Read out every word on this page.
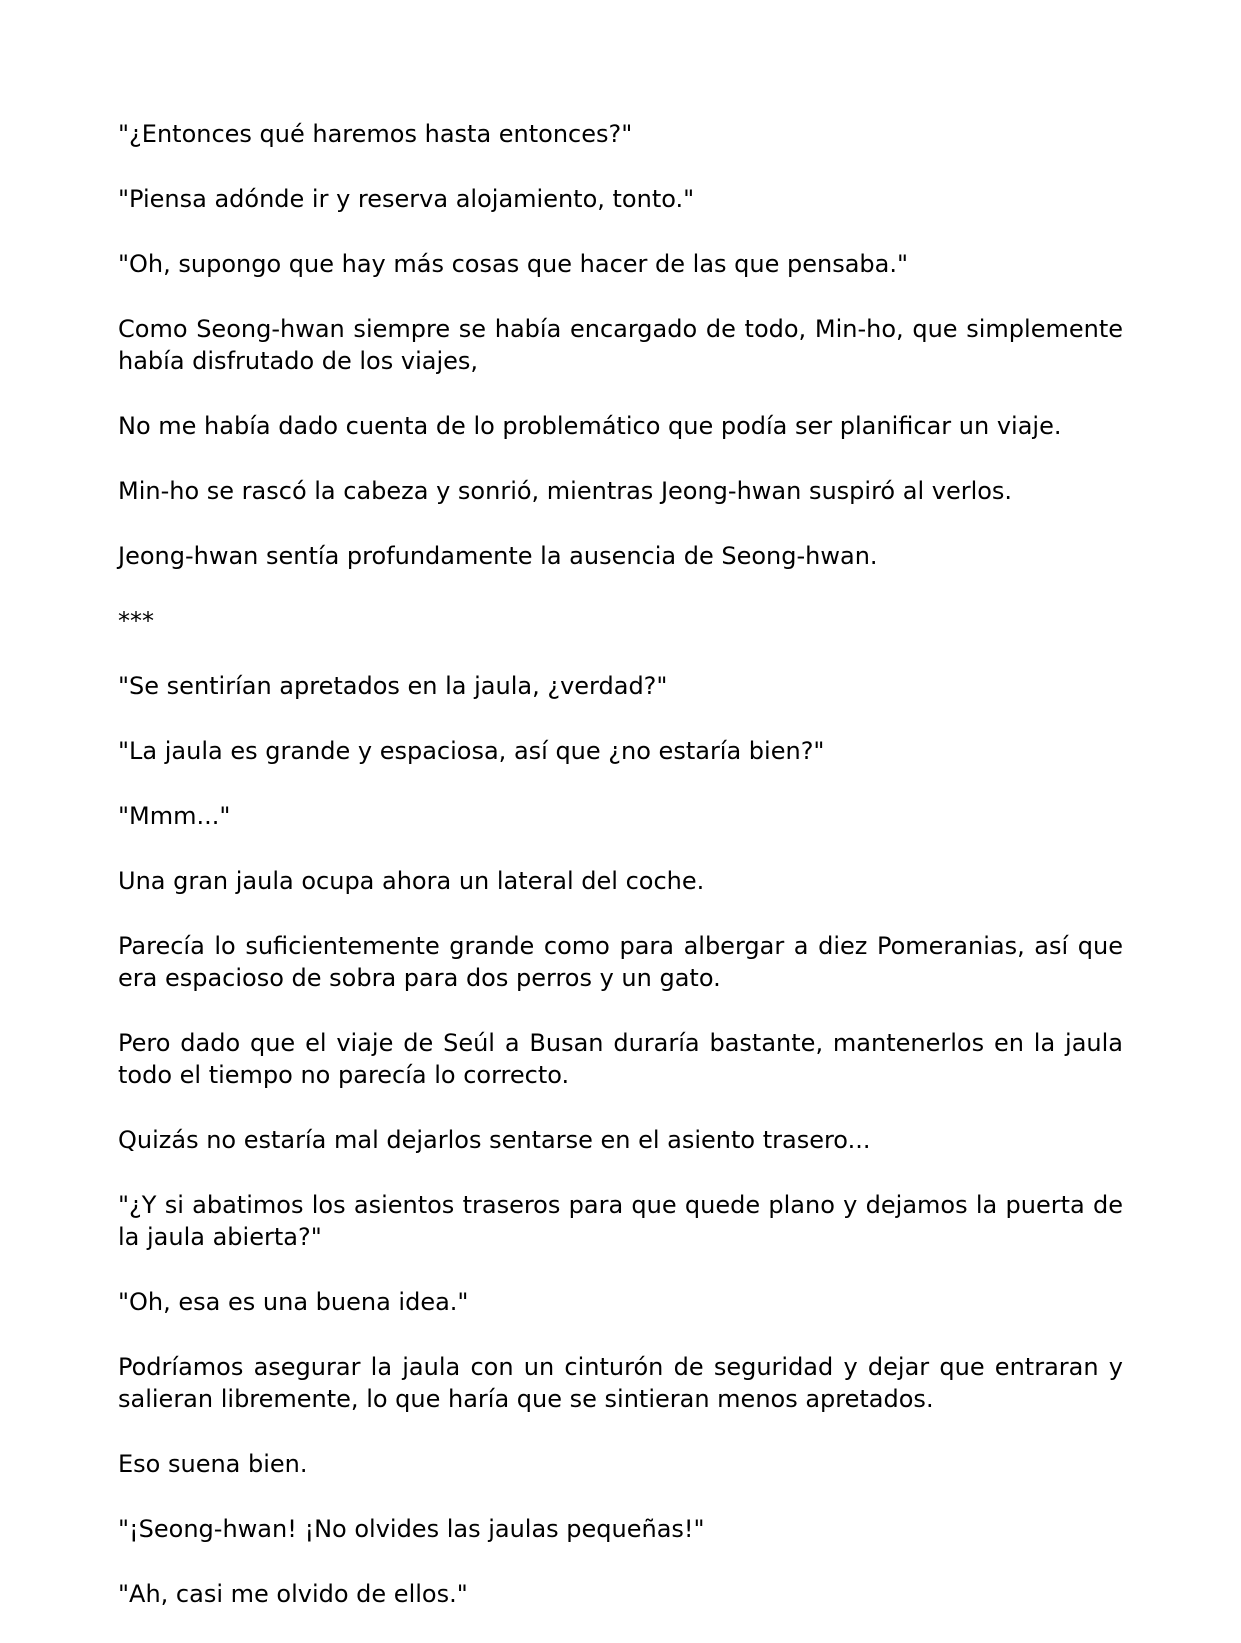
"¿Entonces qué haremos hasta entonces?"

"Piensa adónde ir y reserva alojamiento, tonto."

"Oh, supongo que hay más cosas que hacer de las que pensaba."

Como Seong-hwan siempre se había encargado de todo, Min-ho, que simplemente había disfrutado de los viajes,

No me había dado cuenta de lo problemático que podía ser planificar un viaje.

Min-ho se rascó la cabeza y sonrió, mientras Jeong-hwan suspiró al verlos.

Jeong-hwan sentía profundamente la ausencia de Seong-hwan.

***

"Se sentirían apretados en la jaula, ¿verdad?"

"La jaula es grande y espaciosa, así que ¿no estaría bien?"

"Mmm..."

Una gran jaula ocupa ahora un lateral del coche.

Parecía lo suficientemente grande como para albergar a diez Pomeranias, así que era espacioso de sobra para dos perros y un gato.

Pero dado que el viaje de Seúl a Busan duraría bastante, mantenerlos en la jaula todo el tiempo no parecía lo correcto.

Quizás no estaría mal dejarlos sentarse en el asiento trasero...

"¿Y si abatimos los asientos traseros para que quede plano y dejamos la puerta de la jaula abierta?"

"Oh, esa es una buena idea."

Podríamos asegurar la jaula con un cinturón de seguridad y dejar que entraran y salieran libremente, lo que haría que se sintieran menos apretados.

Eso suena bien.

"¡Seong-hwan! ¡No olvides las jaulas pequeñas!"

"Ah, casi me olvido de ellos."
